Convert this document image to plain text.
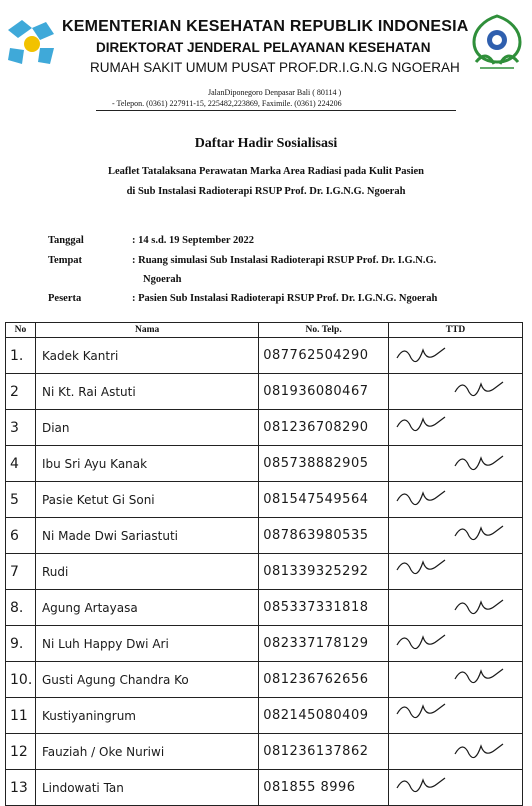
KEMENTERIAN KESEHATAN REPUBLIK INDONESIA
DIREKTORAT JENDERAL PELAYANAN KESEHATAN
RUMAH SAKIT UMUM PUSAT PROF.DR.I.G.N.G NGOERAH
JalanDiponegoro Denpasar Bali ( 80114 )
- Telepon. (0361) 227911-15, 225482,223869, Faximile. (0361) 224206
Daftar Hadir Sosialisasi
Leaflet Tatalaksana Perawatan Marka Area Radiasi pada Kulit Pasien
di Sub Instalasi Radioterapi RSUP Prof. Dr. I.G.N.G. Ngoerah
Tanggal	: 14 s.d. 19 September 2022
Tempat	: Ruang simulasi Sub Instalasi Radioterapi RSUP Prof. Dr. I.G.N.G.
Ngoerah
Peserta	: Pasien Sub Instalasi Radioterapi RSUP Prof. Dr. I.G.N.G. Ngoerah
No	Nama	No. Telp.	TTD
1.	Kadek Kantri	087762504290	
2	Ni Kt. Rai Astuti	081936080467	
3	Dian	081236708290	
4	Ibu Sri Ayu Kanak	085738882905	
5	Pasie Ketut Gi Soni	081547549564	
6	Ni Made Dwi Sariastuti	087863980535	
7	Rudi	081339325292	
8.	Agung Artayasa	085337331818	
9.	Ni Luh Happy Dwi Ari	082337178129	
10.	Gusti Agung Chandra Ko	081236762656	
11	Kustiyaningrum	082145080409	
12	Fauziah / Oke Nuriwi	081236137862	
13	Lindowati Tan	081855 8996	
